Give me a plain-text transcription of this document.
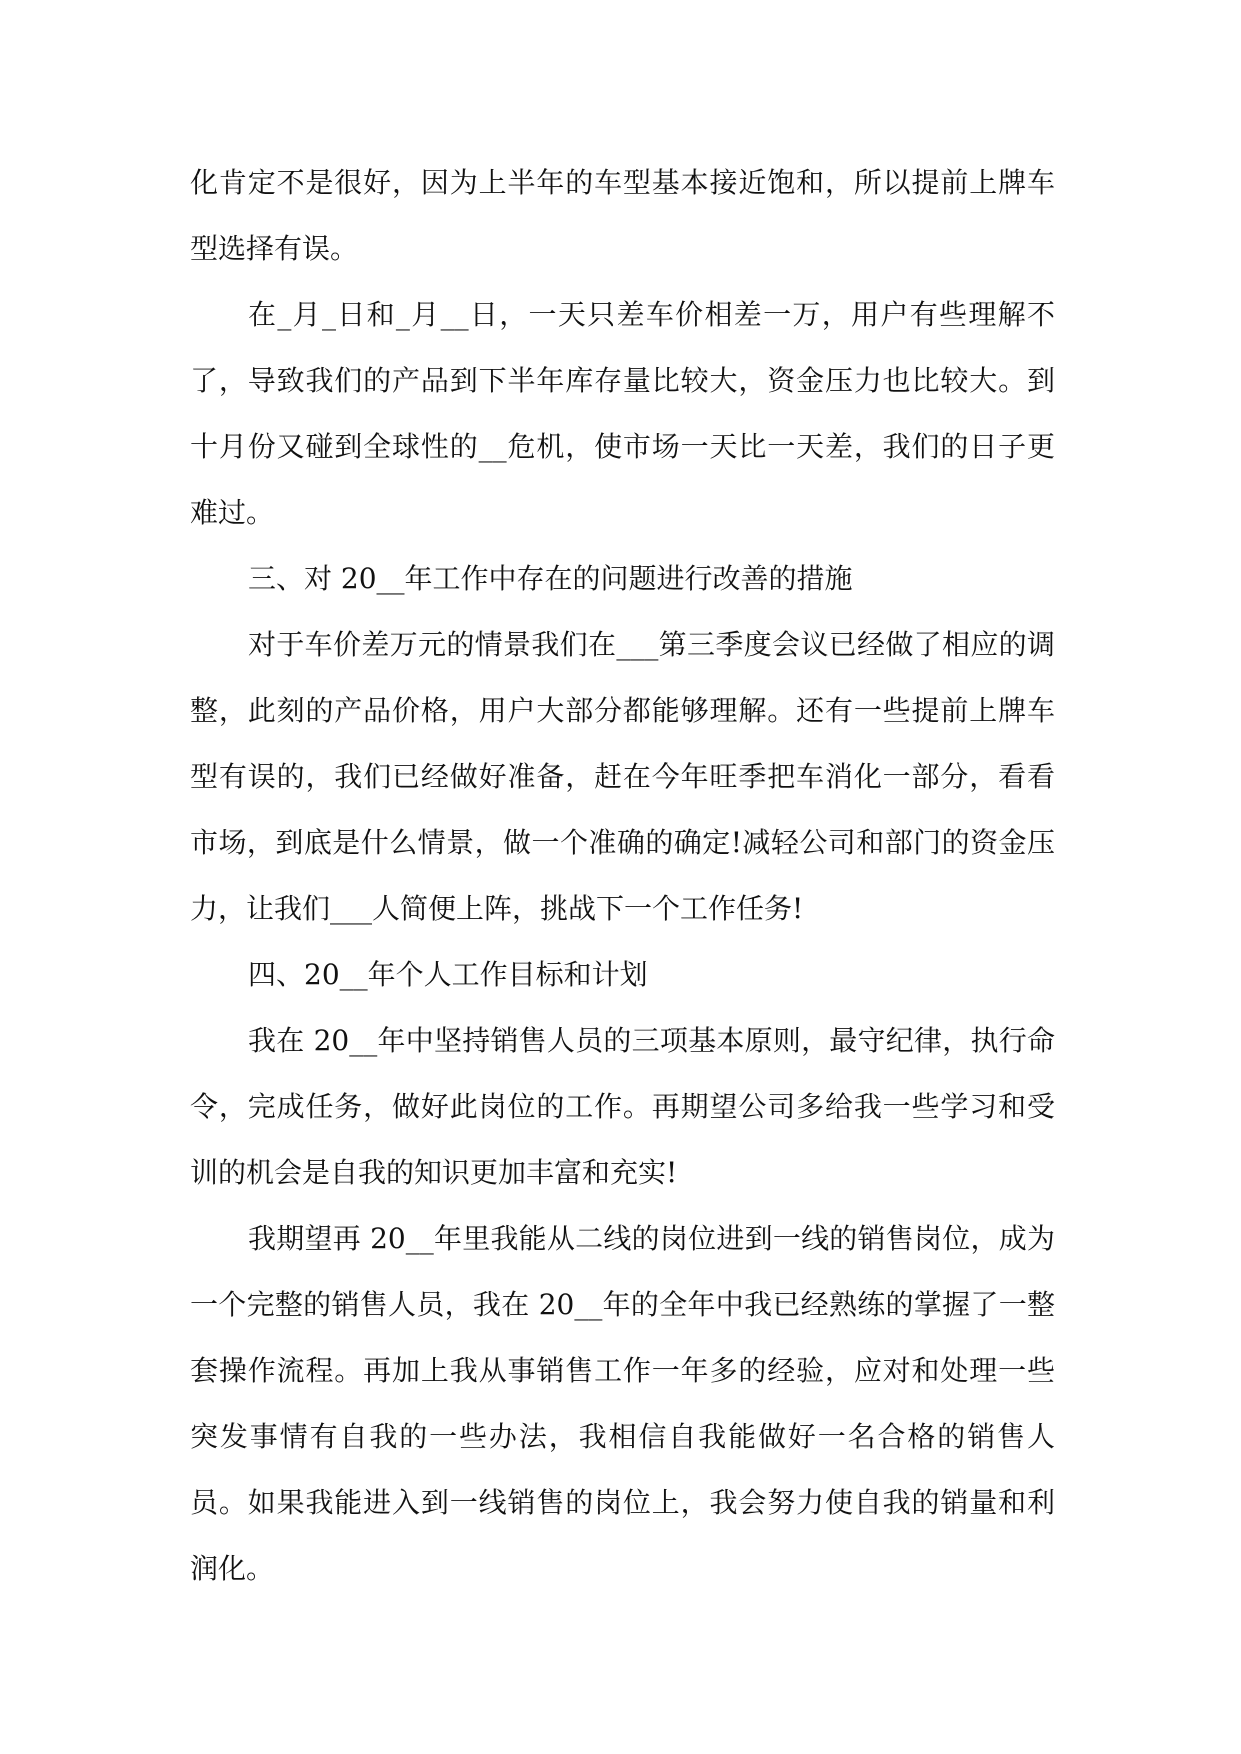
化肯定不是很好，因为上半年的车型基本接近饱和，所以提前上牌车型选择有误。

在_月_日和_月__日，一天只差车价相差一万，用户有些理解不了，导致我们的产品到下半年库存量比较大，资金压力也比较大。到十月份又碰到全球性的__危机，使市场一天比一天差，我们的日子更难过。

三、对 20__年工作中存在的问题进行改善的措施

对于车价差万元的情景我们在___第三季度会议已经做了相应的调整，此刻的产品价格，用户大部分都能够理解。还有一些提前上牌车型有误的，我们已经做好准备，赶在今年旺季把车消化一部分，看看市场，到底是什么情景，做一个准确的确定!减轻公司和部门的资金压力，让我们___人简便上阵，挑战下一个工作任务!

四、20__年个人工作目标和计划

我在 20__年中坚持销售人员的三项基本原则，最守纪律，执行命令，完成任务，做好此岗位的工作。再期望公司多给我一些学习和受训的机会是自我的知识更加丰富和充实!

我期望再 20__年里我能从二线的岗位进到一线的销售岗位，成为一个完整的销售人员，我在 20__年的全年中我已经熟练的掌握了一整套操作流程。再加上我从事销售工作一年多的经验，应对和处理一些突发事情有自我的一些办法，我相信自我能做好一名合格的销售人员。如果我能进入到一线销售的岗位上，我会努力使自我的销量和利润化。
